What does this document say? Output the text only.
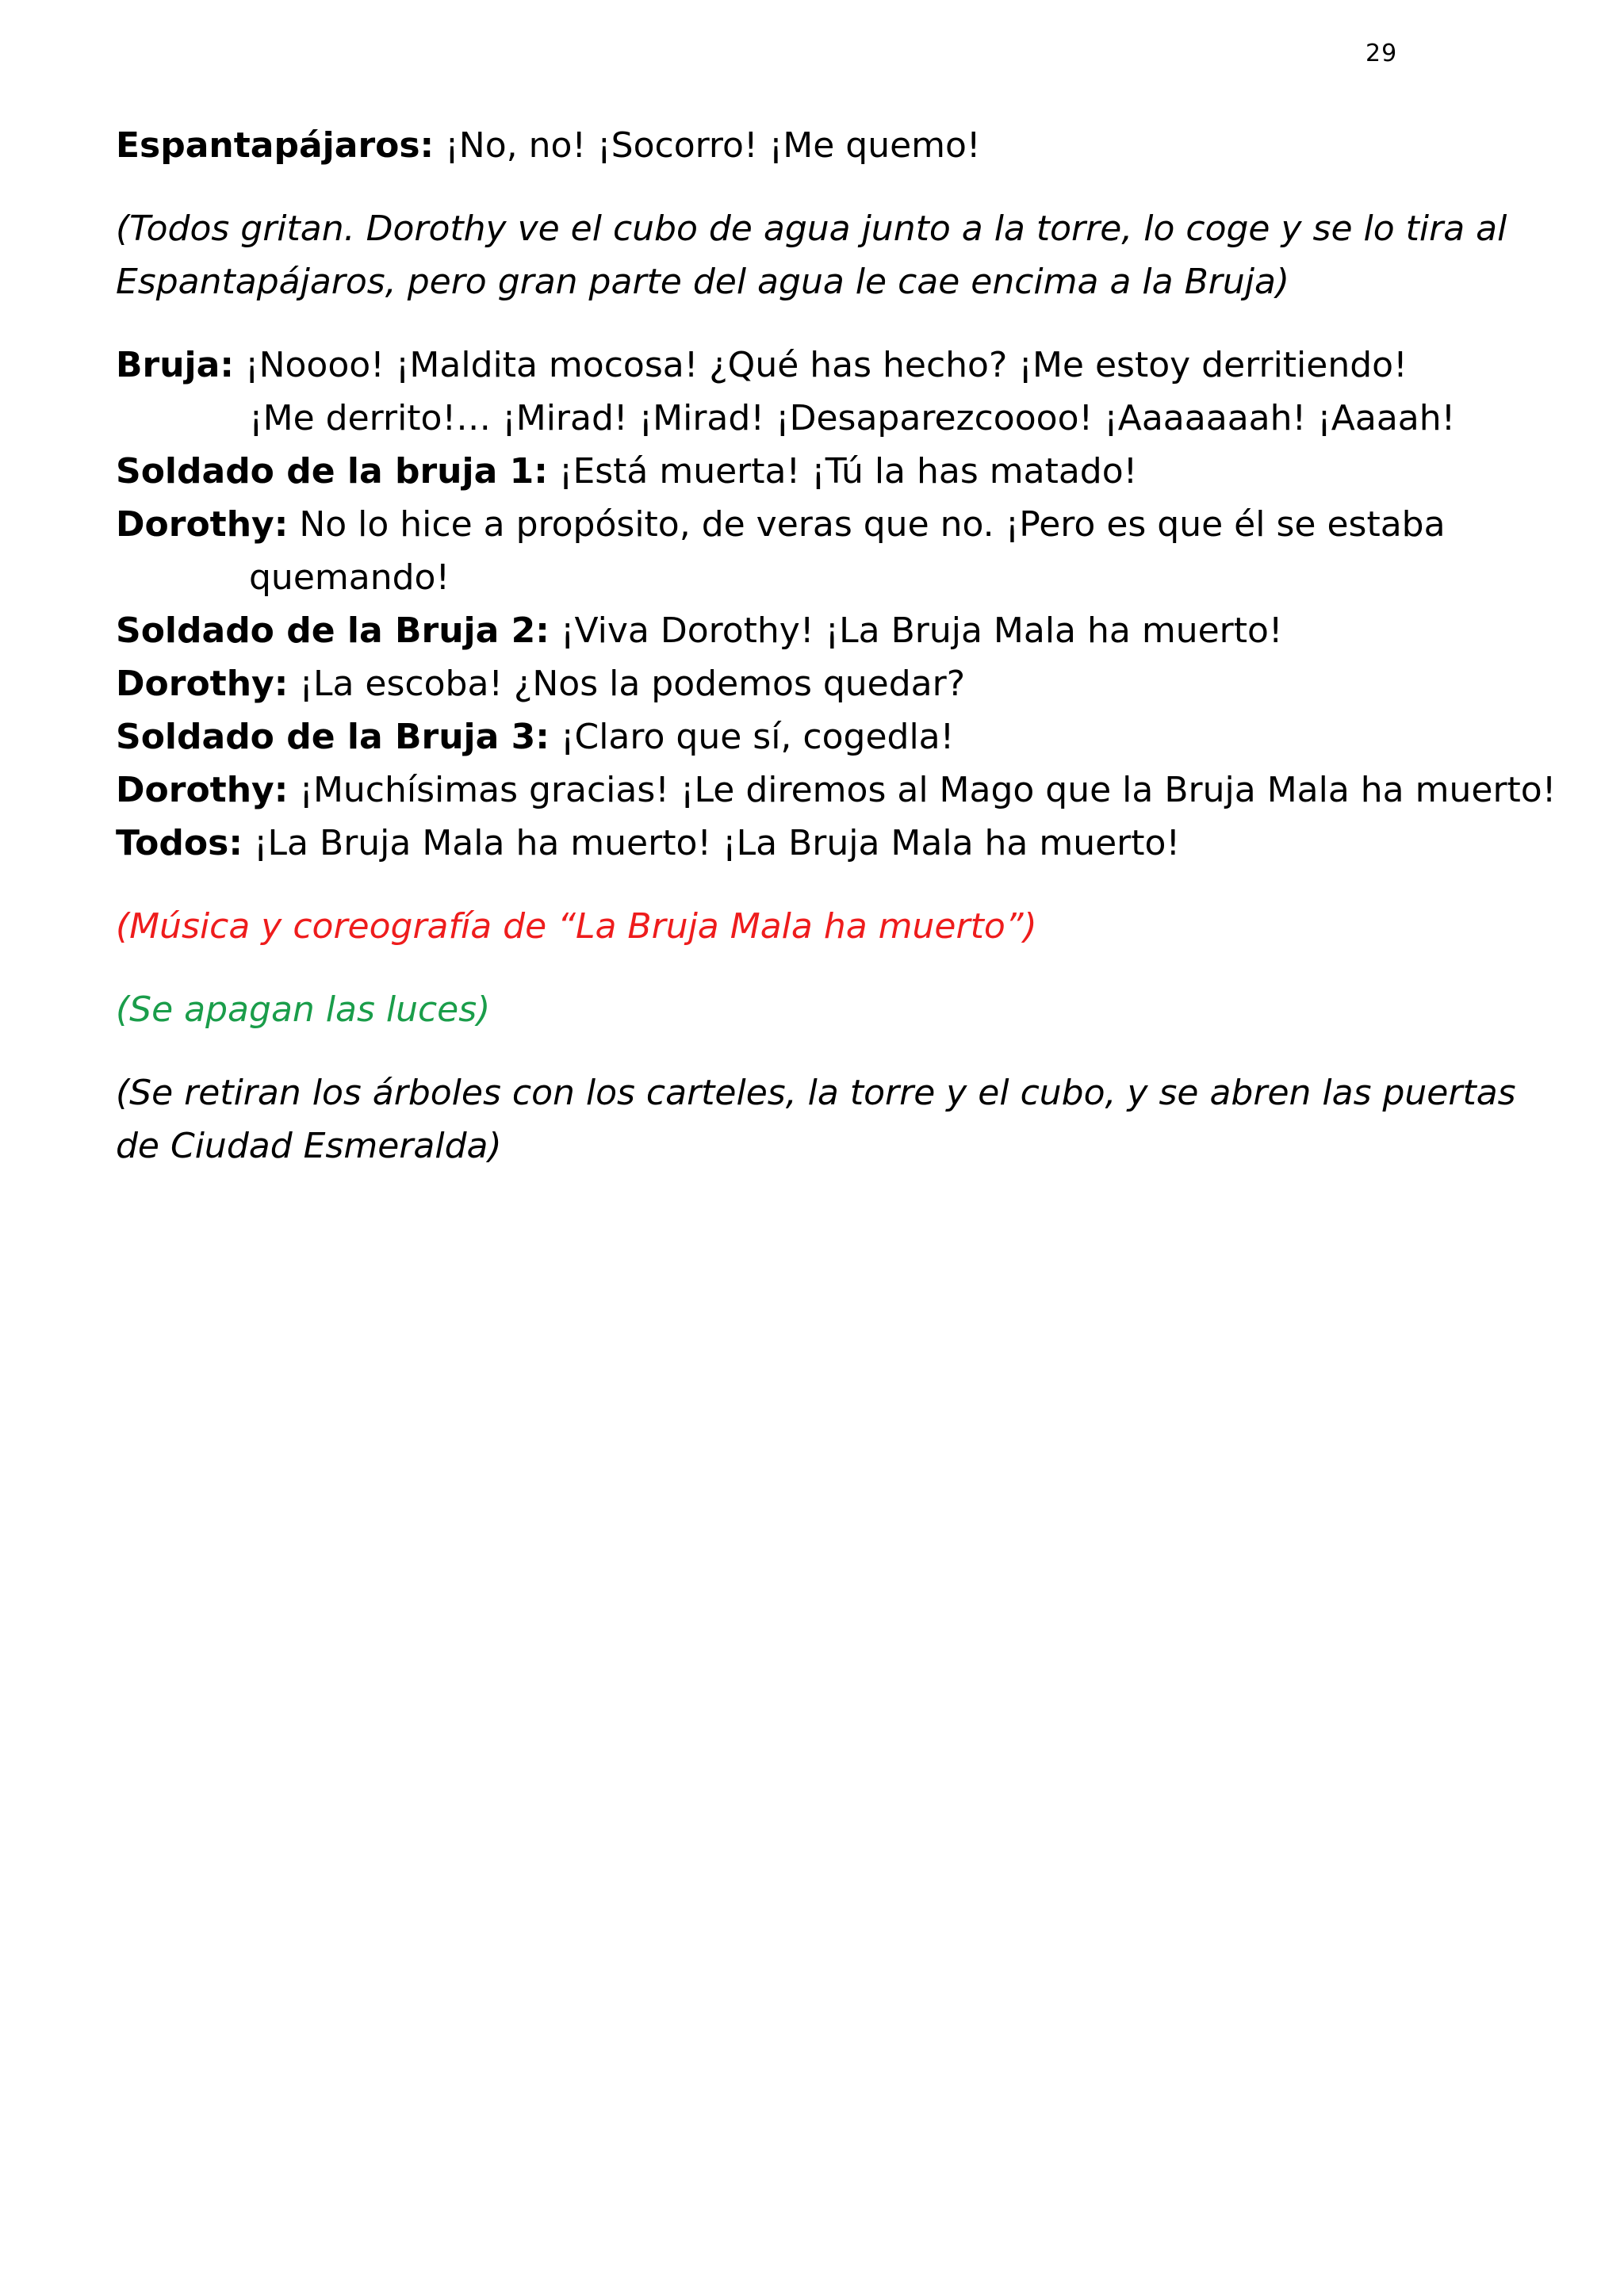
29

Espantapájaros: ¡No, no! ¡Socorro! ¡Me quemo!

(Todos gritan. Dorothy ve el cubo de agua junto a la torre, lo coge y se lo tira al

Espantapájaros, pero gran parte del agua le cae encima a la Bruja)

Bruja: ¡Noooo! ¡Maldita mocosa! ¿Qué has hecho? ¡Me estoy derritiendo!

¡Me derrito!… ¡Mirad! ¡Mirad! ¡Desaparezcoooo! ¡Aaaaaaah! ¡Aaaah!

Soldado de la bruja 1: ¡Está muerta! ¡Tú la has matado!

Dorothy: No lo hice a propósito, de veras que no. ¡Pero es que él se estaba

quemando!

Soldado de la Bruja 2: ¡Viva Dorothy! ¡La Bruja Mala ha muerto!

Dorothy: ¡La escoba! ¿Nos la podemos quedar?

Soldado de la Bruja 3: ¡Claro que sí, cogedla!

Dorothy: ¡Muchísimas gracias! ¡Le diremos al Mago que la Bruja Mala ha muerto!

Todos: ¡La Bruja Mala ha muerto! ¡La Bruja Mala ha muerto!

(Música y coreografía de “La Bruja Mala ha muerto”)

(Se apagan las luces)

(Se retiran los árboles con los carteles, la torre y el cubo, y se abren las puertas

de Ciudad Esmeralda)
